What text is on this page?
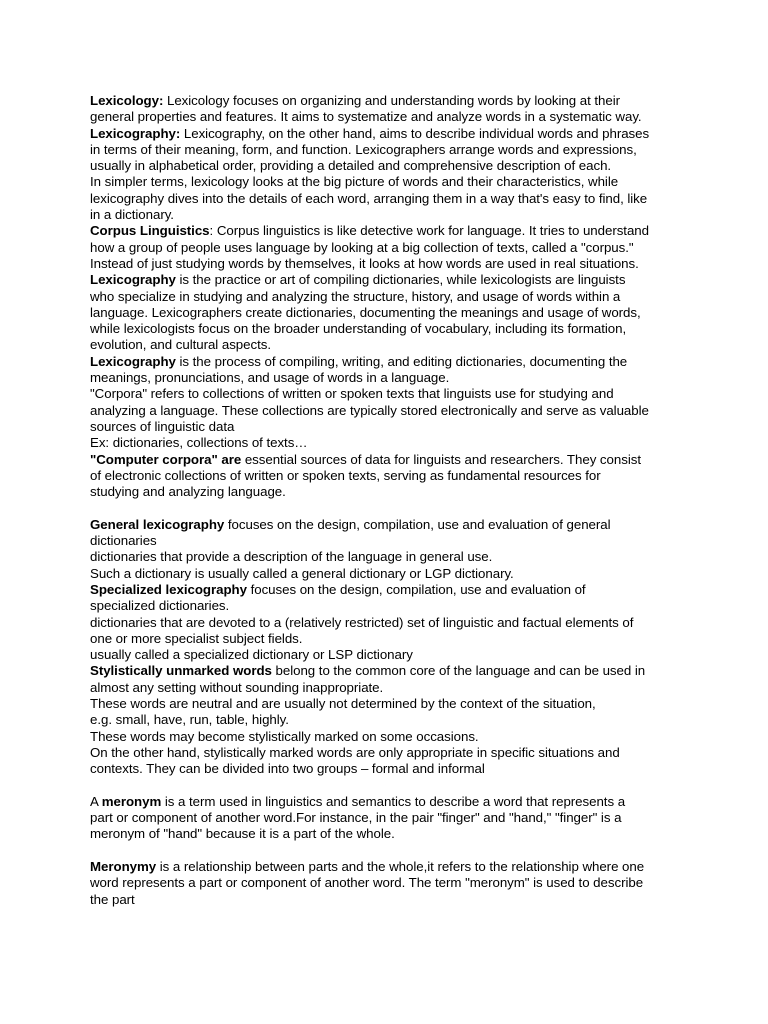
Lexicology: Lexicology focuses on organizing and understanding words by looking at their
general properties and features. It aims to systematize and analyze words in a systematic way.
Lexicography: Lexicography, on the other hand, aims to describe individual words and phrases
in terms of their meaning, form, and function. Lexicographers arrange words and expressions,
usually in alphabetical order, providing a detailed and comprehensive description of each.
In simpler terms, lexicology looks at the big picture of words and their characteristics, while
lexicography dives into the details of each word, arranging them in a way that's easy to find, like
in a dictionary.
Corpus Linguistics: Corpus linguistics is like detective work for language. It tries to understand
how a group of people uses language by looking at a big collection of texts, called a "corpus."
Instead of just studying words by themselves, it looks at how words are used in real situations.
Lexicography is the practice or art of compiling dictionaries, while lexicologists are linguists
who specialize in studying and analyzing the structure, history, and usage of words within a
language. Lexicographers create dictionaries, documenting the meanings and usage of words,
while lexicologists focus on the broader understanding of vocabulary, including its formation,
evolution, and cultural aspects.
Lexicography is the process of compiling, writing, and editing dictionaries, documenting the
meanings, pronunciations, and usage of words in a language.
"Corpora" refers to collections of written or spoken texts that linguists use for studying and
analyzing a language. These collections are typically stored electronically and serve as valuable
sources of linguistic data
Ex: dictionaries, collections of texts…
"Computer corpora" are essential sources of data for linguists and researchers. They consist
of electronic collections of written or spoken texts, serving as fundamental resources for
studying and analyzing language.
General lexicography focuses on the design, compilation, use and evaluation of general
dictionaries
dictionaries that provide a description of the language in general use.
Such a dictionary is usually called a general dictionary or LGP dictionary.
Specialized lexicography focuses on the design, compilation, use and evaluation of
specialized dictionaries.
dictionaries that are devoted to a (relatively restricted) set of linguistic and factual elements of
one or more specialist subject fields.
usually called a specialized dictionary or LSP dictionary
Stylistically unmarked words belong to the common core of the language and can be used in
almost any setting without sounding inappropriate.
These words are neutral and are usually not determined by the context of the situation,
e.g. small, have, run, table, highly.
These words may become stylistically marked on some occasions.
On the other hand, stylistically marked words are only appropriate in specific situations and
contexts. They can be divided into two groups – formal and informal
A meronym is a term used in linguistics and semantics to describe a word that represents a
part or component of another word.For instance, in the pair "finger" and "hand," "finger" is a
meronym of "hand" because it is a part of the whole.
Meronymy is a relationship between parts and the whole,it refers to the relationship where one
word represents a part or component of another word. The term "meronym" is used to describe
the part
